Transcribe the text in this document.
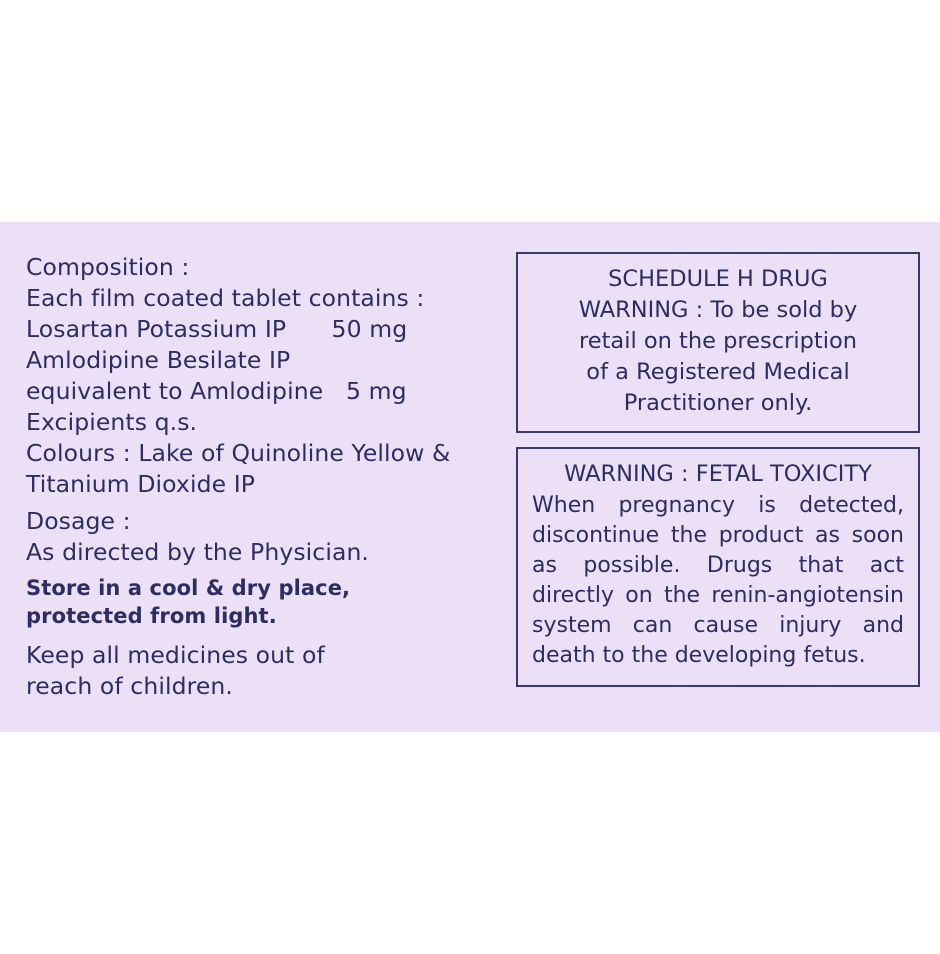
Composition :
Each film coated tablet contains :
Losartan Potassium IP      50 mg
Amlodipine Besilate IP
equivalent to Amlodipine   5 mg
Excipients q.s.
Colours : Lake of Quinoline Yellow &
Titanium Dioxide IP
Dosage :
As directed by the Physician.
Store in a cool & dry place,
protected from light.
Keep all medicines out of
reach of children.
SCHEDULE H DRUG
WARNING : To be sold by
retail on the prescription
of a Registered Medical
Practitioner only.
WARNING : FETAL TOXICITY
When pregnancy is detected, discontinue the product as soon as possible. Drugs that act directly on the renin-angiotensin system can cause injury and death to the developing fetus.
